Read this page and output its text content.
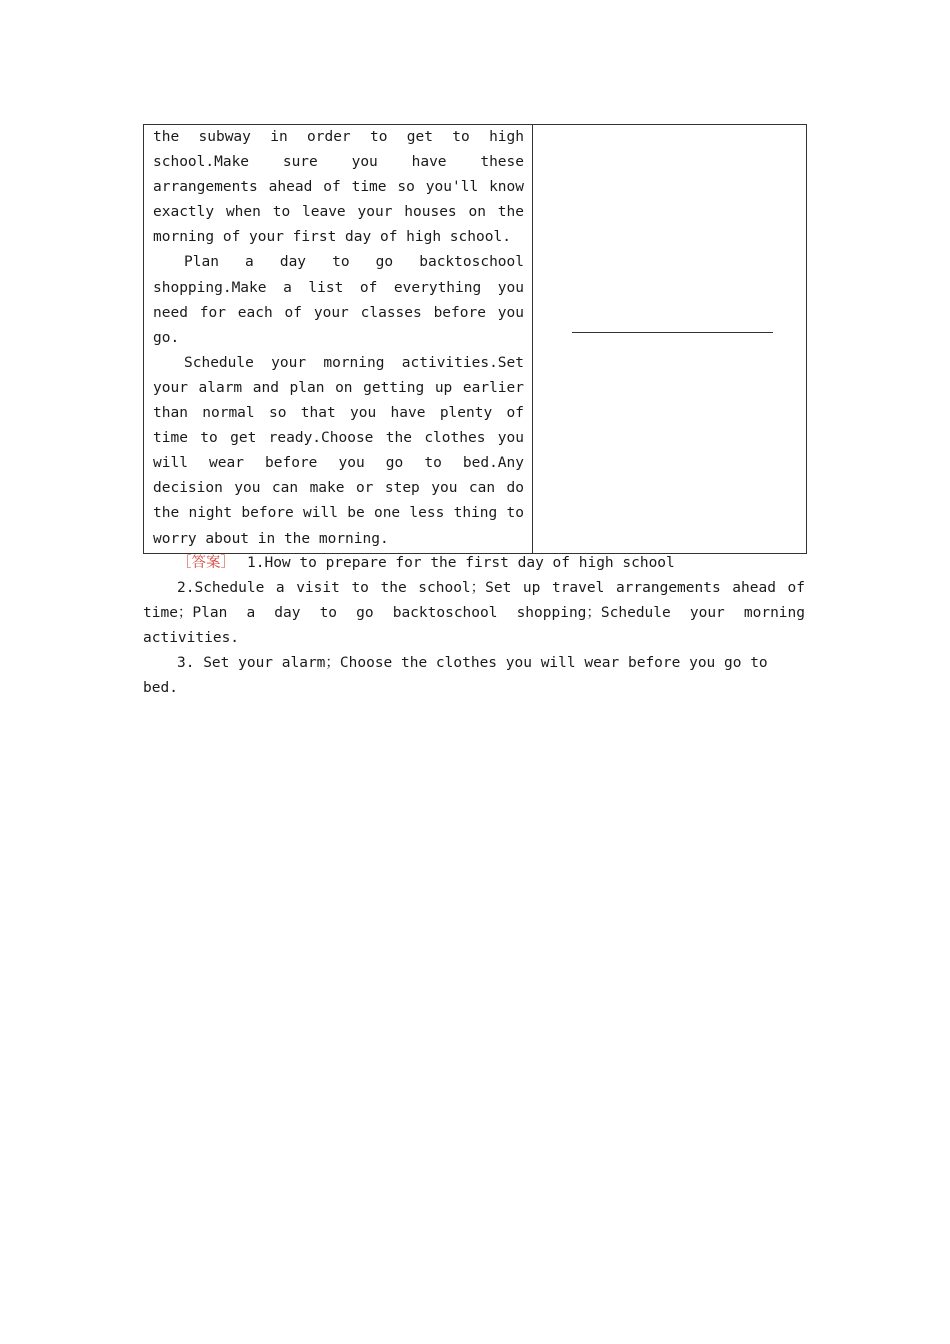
the subway in order to get to high school.Make sure you have these arrangements ahead of time so you'll know exactly when to leave your houses on the morning of your first day of high school.

Plan a day to go backtoschool shopping.Make a list of everything you need for each of your classes before you go.

Schedule your morning activities.Set your alarm and plan on getting up earlier than normal so that you have plenty of time to get ready.Choose the clothes you will wear before you go to bed.Any decision you can make or step you can do the night before will be one less thing to worry about in the morning.

［答案］ 1.How to prepare for the first day of high school

2.Schedule a visit to the school；Set up travel arrangements ahead of time；Plan a day to go backtoschool shopping；Schedule your morning activities.

3. Set your alarm；Choose the clothes you will wear before you go to bed.
